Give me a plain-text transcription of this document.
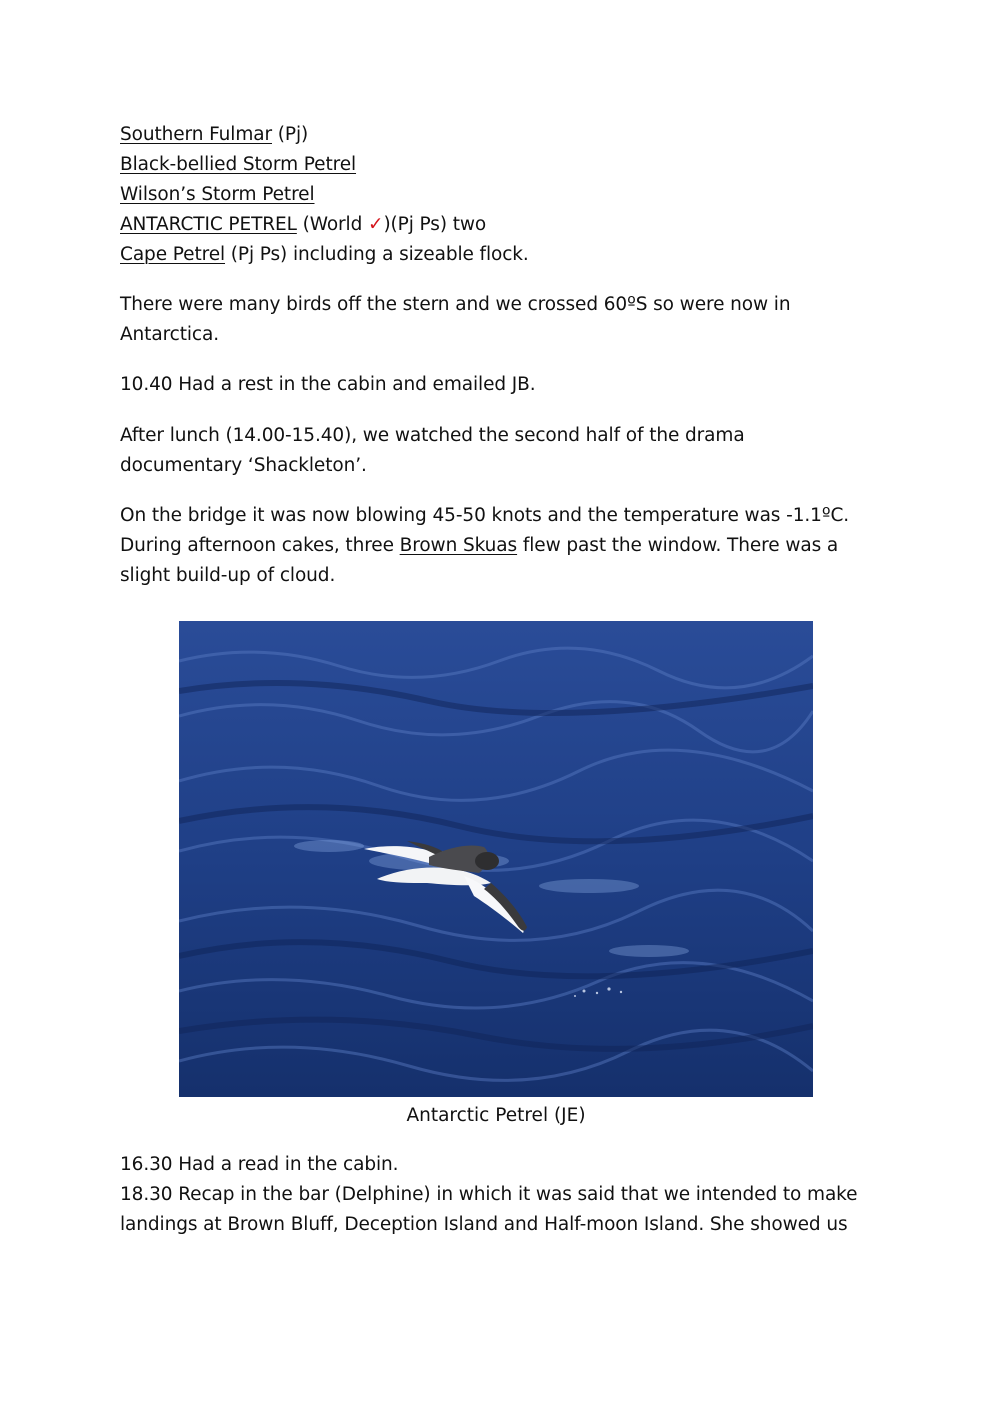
Southern Fulmar (Pj)
Black-bellied Storm Petrel
Wilson’s Storm Petrel
ANTARCTIC PETREL (World ✓)(Pj Ps) two
Cape Petrel (Pj Ps) including a sizeable flock.
There were many birds off the stern and we crossed 60ºS so were now in
Antarctica.
10.40 Had a rest in the cabin and emailed JB.
After lunch (14.00-15.40), we watched the second half of the drama
documentary ‘Shackleton’.
On the bridge it was now blowing 45-50 knots and the temperature was -1.1ºC.
During afternoon cakes, three Brown Skuas flew past the window. There was a
slight build-up of cloud.
Antarctic Petrel (JE)
16.30 Had a read in the cabin.
18.30 Recap in the bar (Delphine) in which it was said that we intended to make
landings at Brown Bluff, Deception Island and Half-moon Island. She showed us
